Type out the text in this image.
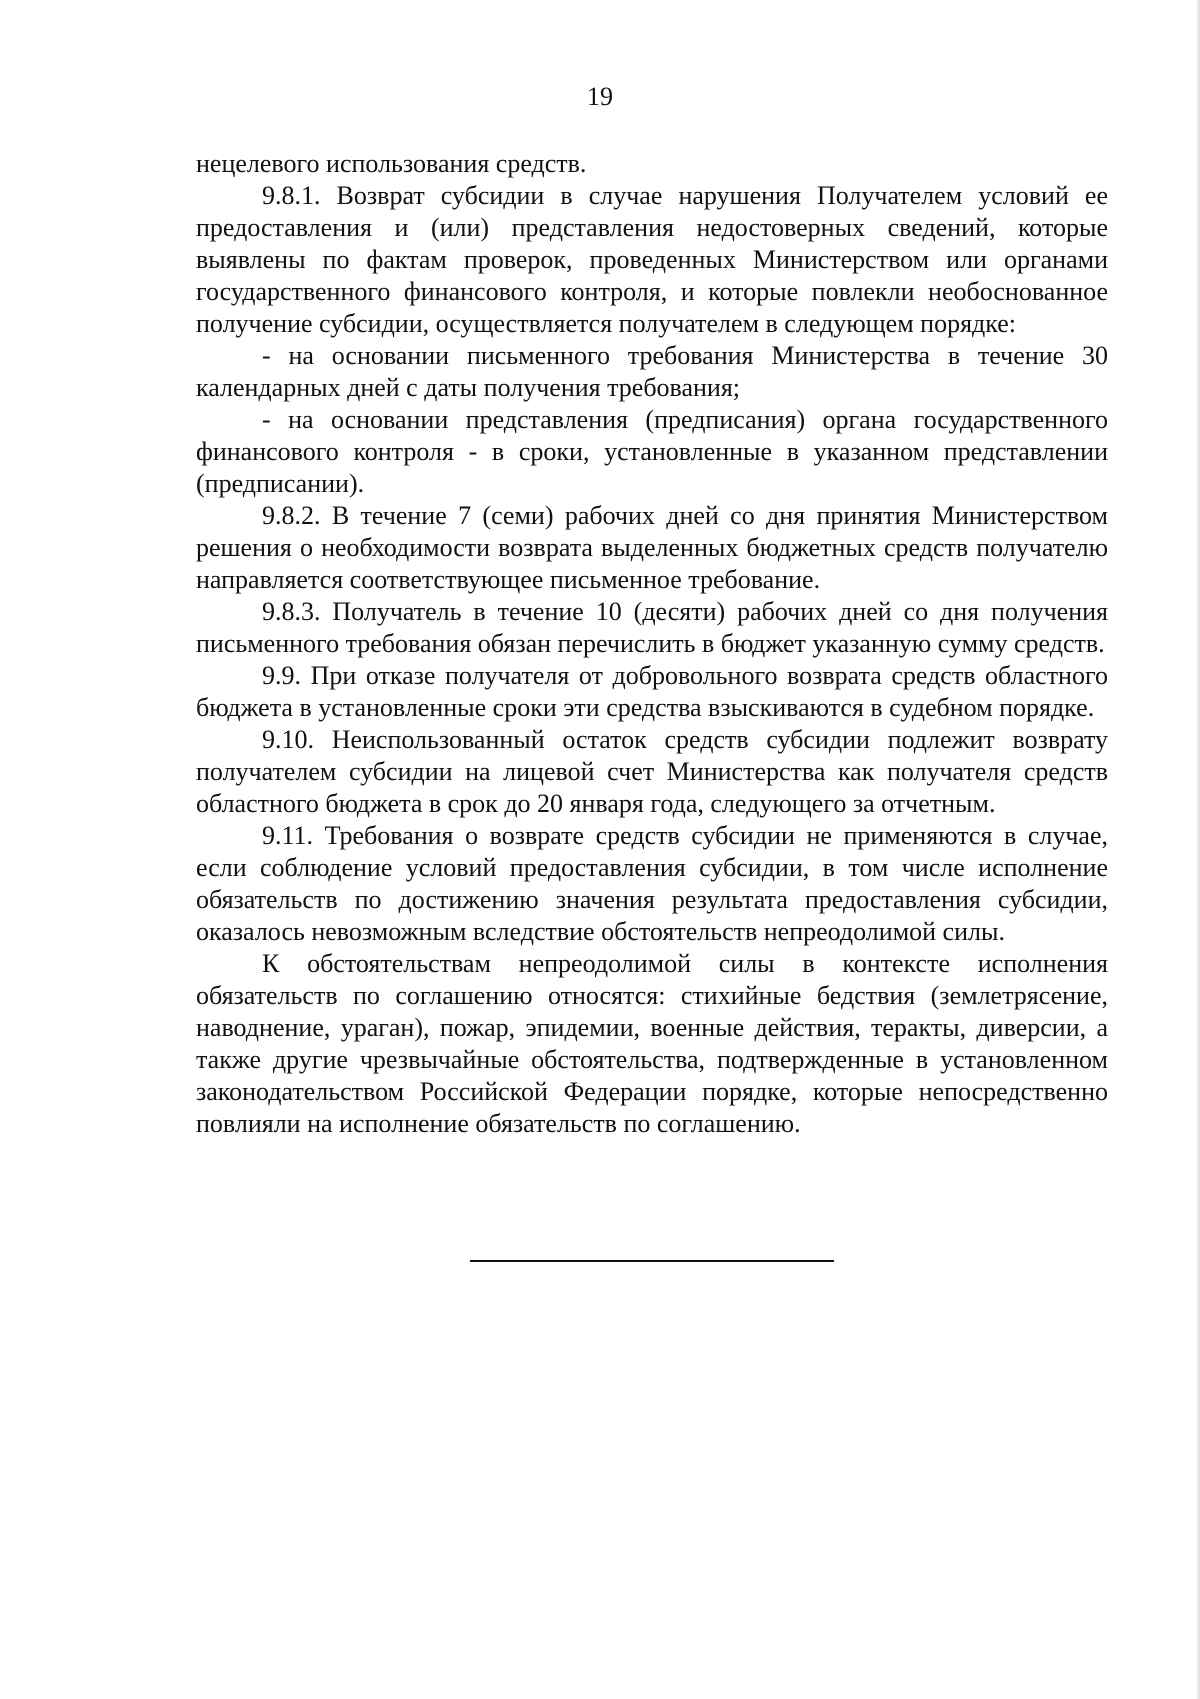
19

нецелевого использования средств.

9.8.1. Возврат субсидии в случае нарушения Получателем условий ее предоставления и (или) представления недостоверных сведений, которые выявлены по фактам проверок, проведенных Министерством или органами государственного финансового контроля, и которые повлекли необоснованное получение субсидии, осуществляется получателем в следующем порядке:

- на основании письменного требования Министерства в течение 30 календарных дней с даты получения требования;

- на основании представления (предписания) органа государственного финансового контроля - в сроки, установленные в указанном представлении (предписании).

9.8.2. В течение 7 (семи) рабочих дней со дня принятия Министерством решения о необходимости возврата выделенных бюджетных средств получателю направляется соответствующее письменное требование.

9.8.3. Получатель в течение 10 (десяти) рабочих дней со дня получения письменного требования обязан перечислить в бюджет указанную сумму средств.

9.9. При отказе получателя от добровольного возврата средств областного бюджета в установленные сроки эти средства взыскиваются в судебном порядке.

9.10. Неиспользованный остаток средств субсидии подлежит возврату получателем субсидии на лицевой счет Министерства как получателя средств областного бюджета в срок до 20 января года, следующего за отчетным.

9.11. Требования о возврате средств субсидии не применяются в случае, если соблюдение условий предоставления субсидии, в том числе исполнение обязательств по достижению значения результата предоставления субсидии, оказалось невозможным вследствие обстоятельств непреодолимой силы.

К обстоятельствам непреодолимой силы в контексте исполнения обязательств по соглашению относятся: стихийные бедствия (землетрясение, наводнение, ураган), пожар, эпидемии, военные действия, теракты, диверсии, а также другие чрезвычайные обстоятельства, подтвержденные в установленном законодательством Российской Федерации порядке, которые непосредственно повлияли на исполнение обязательств по соглашению.
